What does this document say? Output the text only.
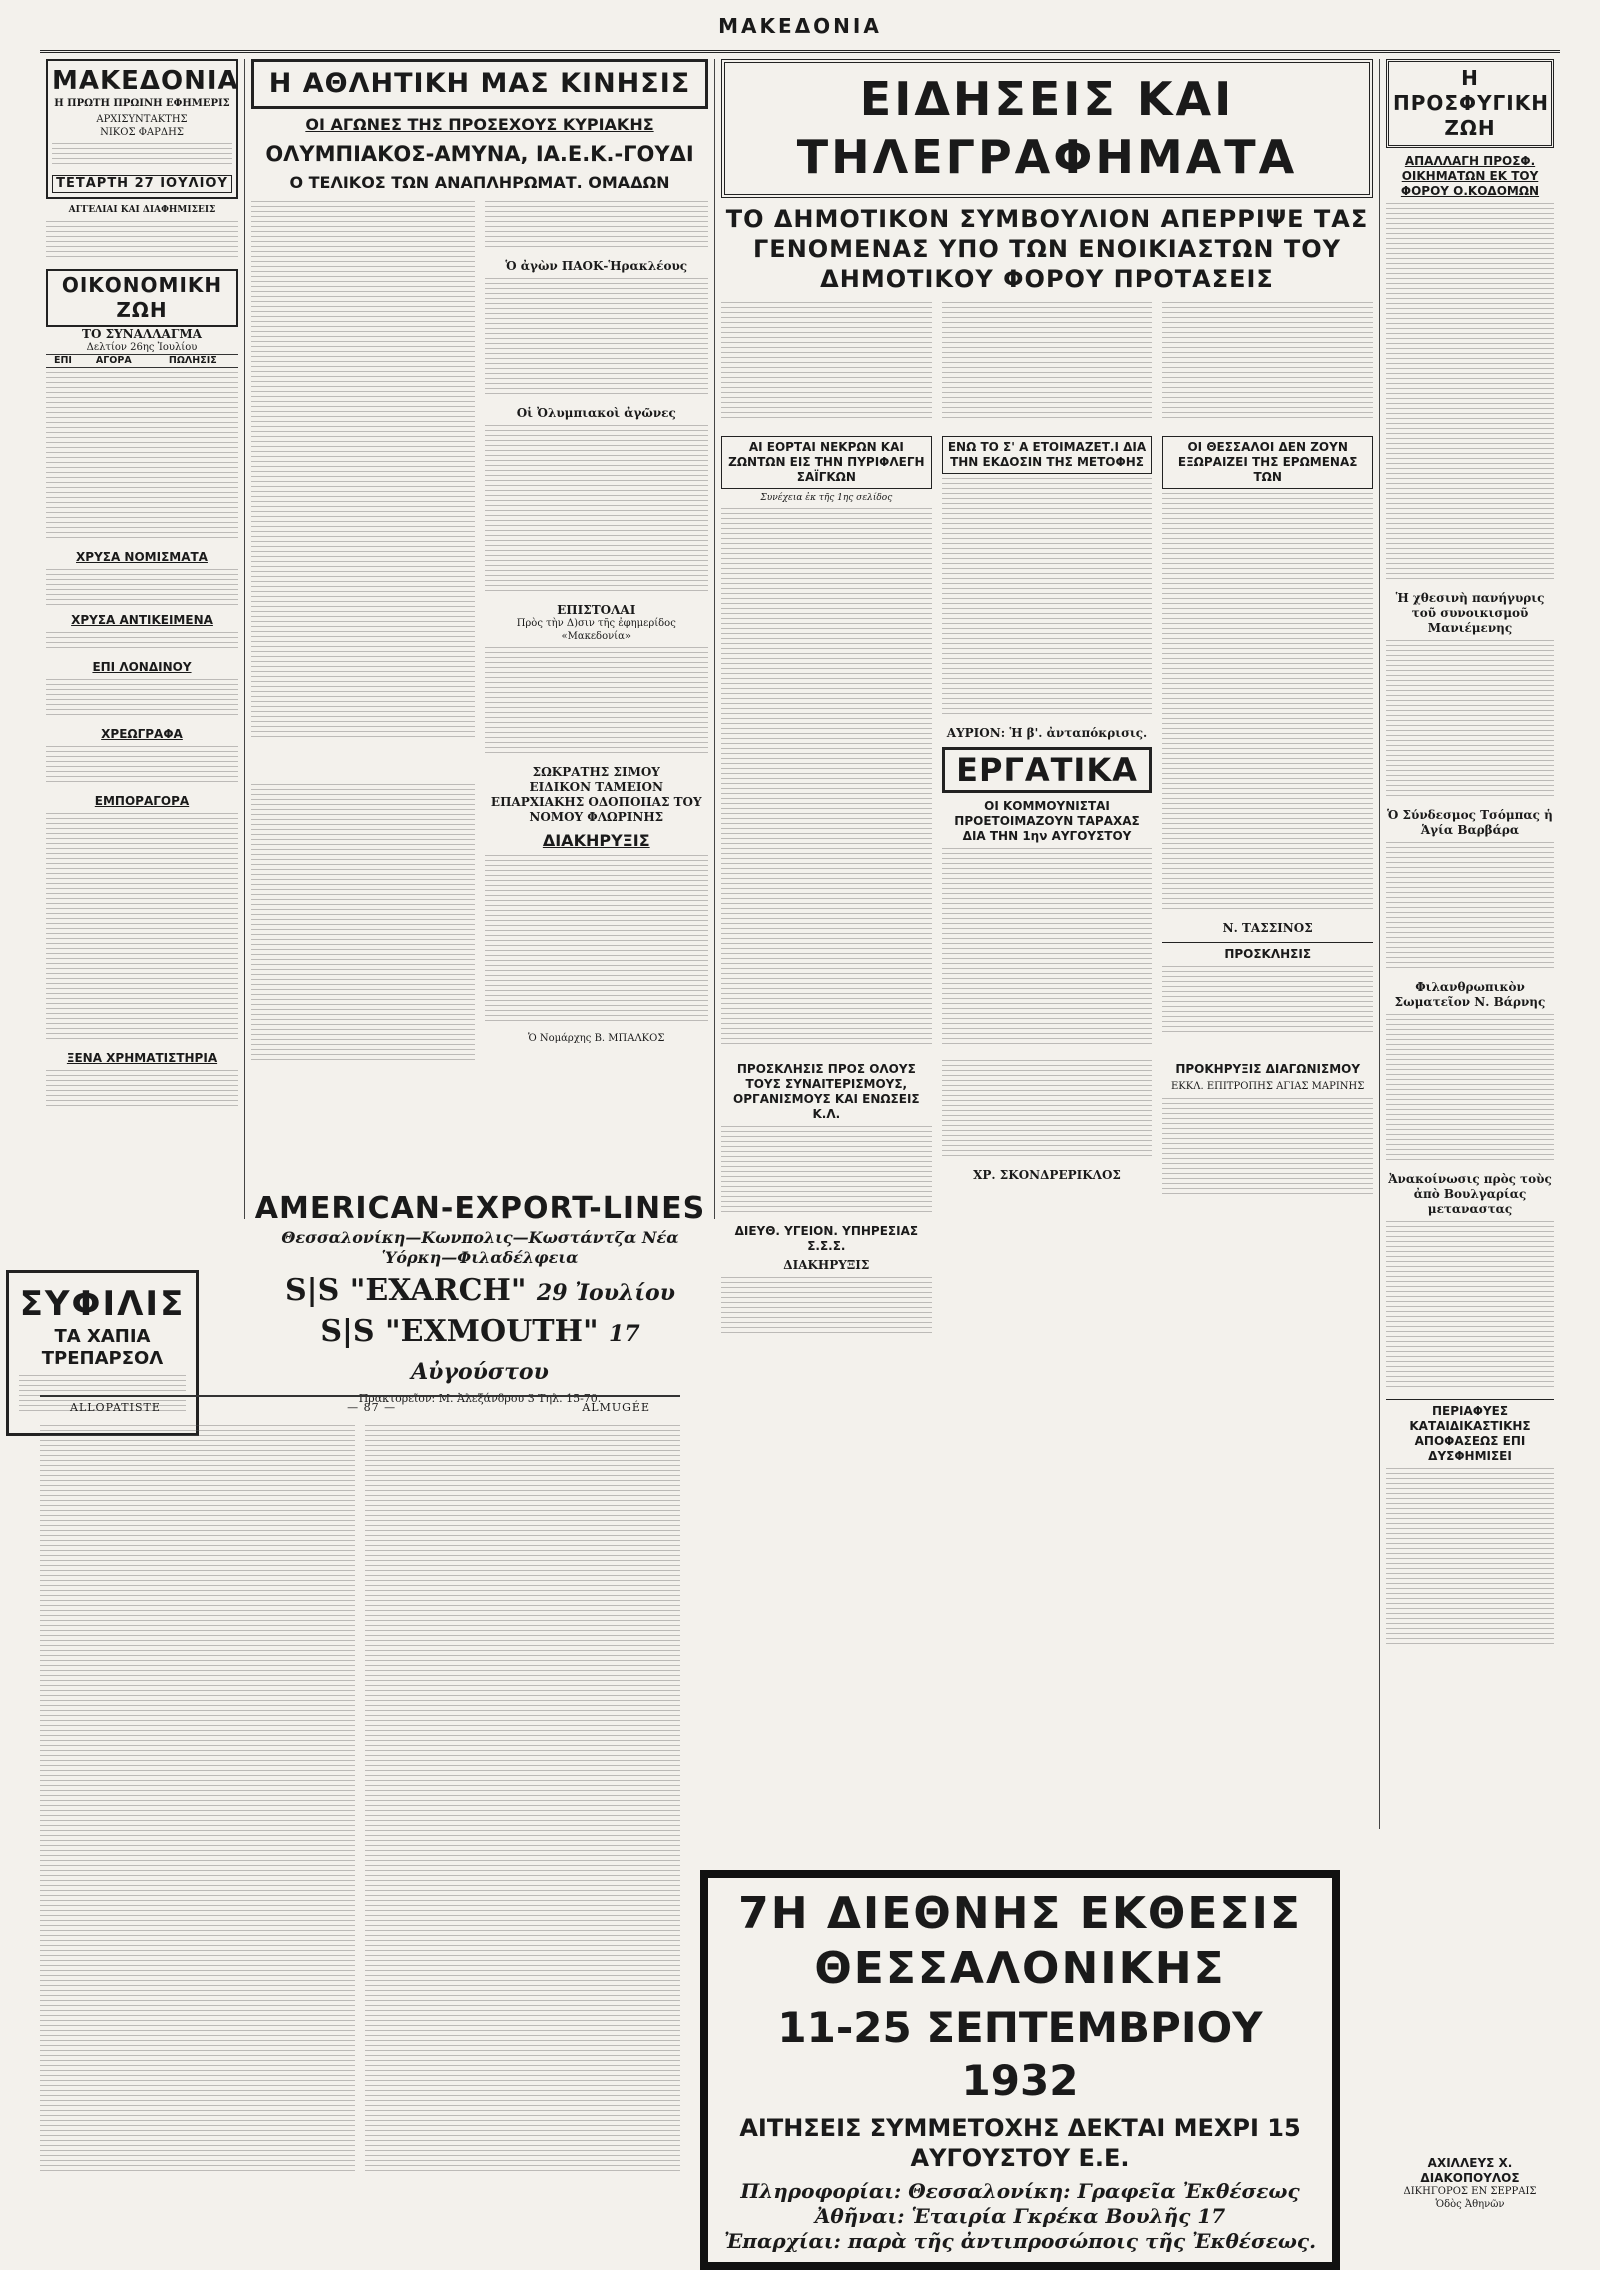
ΜΑΚΕΔΟΝΙΑ
ΜΑΚΕΔΟΝΙΑ
Η ΠΡΩΤΗ ΠΡΩΙΝΗ ΕΦΗΜΕΡΙΣ
ΑΡΧΙΣΥΝΤΑΚΤΗΣ
ΝΙΚΟΣ ΦΑΡΔΗΣ
ΤΕΤΑΡΤΗ 27 ΙΟΥΛΙΟΥ
ΑΓΓΕΛΙΑΙ ΚΑΙ ΔΙΑΦΗΜΙΣΕΙΣ
ΟΙΚΟΝΟΜΙΚΗ ΖΩΗ
ΤΟ ΣΥΝΑΛΛΑΓΜΑ
Δελτίον 26ης Ἰουλίου
ΕΠΙ	ΑΓΟΡΑ	ΠΩΛΗΣΙΣ
ΧΡΥΣΑ ΝΟΜΙΣΜΑΤΑ
ΧΡΥΣΑ ΑΝΤΙΚΕΙΜΕΝΑ
ΕΠΙ ΛΟΝΔΙΝΟΥ
ΧΡΕΩΓΡΑΦΑ
ΕΜΠΟΡΑΓΟΡΑ
ΞΕΝΑ ΧΡΗΜΑΤΙΣΤΗΡΙΑ
Η ΑΘΛΗΤΙΚΗ ΜΑΣ ΚΙΝΗΣΙΣ
ΟΙ ΑΓΩΝΕΣ ΤΗΣ ΠΡΟΣΕΧΟΥΣ ΚΥΡΙΑΚΗΣ
ΟΛΥΜΠΙΑΚΟΣ-ΑΜΥΝΑ, ΙΑ.Ε.Κ.-ΓΟΥΔΙ
Ο ΤΕΛΙΚΟΣ ΤΩΝ ΑΝΑΠΛΗΡΩΜΑΤ. ΟΜΑΔΩΝ
Ὁ ἀγὼν ΠΑΟΚ-Ἡρακλέους
Οἱ Ὀλυμπιακοὶ ἀγῶνες
ΕΠΙΣΤΟΛΑΙ
Πρὸς τὴν Δ)σιν τῆς ἐφημερίδος «Μακεδονία»
ΣΩΚΡΑΤΗΣ ΣΙΜΟΥ
ΕΙΔΙΚΟΝ ΤΑΜΕΙΟΝ ΕΠΑΡΧΙΑΚΗΣ ΟΔΟΠΟΙΙΑΣ ΤΟΥ ΝΟΜΟΥ ΦΛΩΡΙΝΗΣ
ΔΙΑΚΗΡΥΞΙΣ
Ὁ Νομάρχης Β. ΜΠΑΛΚΟΣ
ΕΙΔΗΣΕΙΣ ΚΑΙ ΤΗΛΕΓΡΑΦΗΜΑΤΑ
ΤΟ ΔΗΜΟΤΙΚΟΝ ΣΥΜΒΟΥΛΙΟΝ ΑΠΕΡΡΙΨΕ ΤΑΣ ΓΕΝΟΜΕΝΑΣ ΥΠΟ ΤΩΝ ΕΝΟΙΚΙΑΣΤΩΝ ΤΟΥ ΔΗΜΟΤΙΚΟΥ ΦΟΡΟΥ ΠΡΟΤΑΣΕΙΣ
ΑΙ ΕΟΡΤΑΙ ΝΕΚΡΩΝ ΚΑΙ ΖΩΝΤΩΝ ΕΙΣ ΤΗΝ ΠΥΡΙΦΛΕΓΗ ΣΑΪΓΚΩΝ
Συνέχεια ἐκ τῆς 1ης σελίδος
ΕΝΩ ΤΟ Σ' Α ΕΤΟΙΜΑΖΕΤ.Ι ΔΙΑ ΤΗΝ ΕΚΔΟΣΙΝ ΤΗΣ ΜΕΤΟΦΗΣ
ΑΥΡΙΟΝ: Ἡ β'. ἀνταπόκρισις.
ΕΡΓΑΤΙΚΑ
ΟΙ ΚΟΜΜΟΥΝΙΣΤΑΙ ΠΡΟΕΤΟΙΜΑΖΟΥΝ ΤΑΡΑΧΑΣ ΔΙΑ ΤΗΝ 1ην ΑΥΓΟΥΣΤΟΥ
ΟΙ ΘΕΣΣΑΛΟΙ ΔΕΝ ΖΟΥΝ ΕΞΩΡΑΙΖΕΙ ΤΗΣ ΕΡΩΜΕΝΑΣ ΤΩΝ
Ν. ΤΑΣΣΙΝΟΣ
ΠΡΟΣΚΛΗΣΙΣ
ΠΡΟΣΚΛΗΣΙΣ ΠΡΟΣ ΟΛΟΥΣ ΤΟΥΣ ΣΥΝΑΙΤΕΡΙΣΜΟΥΣ, ΟΡΓΑΝΙΣΜΟΥΣ ΚΑΙ ΕΝΩΣΕΙΣ Κ.Λ.
ΔΙΕΥΘ. ΥΓΕΙΟΝ. ΥΠΗΡΕΣΙΑΣ Σ.Σ.Σ.
ΔΙΑΚΗΡΥΞΙΣ
ΧΡ. ΣΚΟΝΔΡΕΡΙΚΛΟΣ
ΠΡΟΚΗΡΥΞΙΣ ΔΙΑΓΩΝΙΣΜΟΥ
ΕΚΚΛ. ΕΠΙΤΡΟΠΗΣ ΑΓΙΑΣ ΜΑΡΙΝΗΣ
Η ΠΡΟΣΦΥΓΙΚΗ ΖΩΗ
ΑΠΑΛΛΑΓΗ ΠΡΟΣΦ. ΟΙΚΗΜΑΤΩΝ ΕΚ ΤΟΥ ΦΟΡΟΥ Ο.ΚΟΔΟΜΩΝ
Ἡ χθεσινὴ πανήγυρις τοῦ συνοικισμοῦ Μανιέμενης
Ὁ Σύνδεσμος Τσόμπας ἡ Ἁγία Βαρβάρα
Φιλανθρωπικὸν Σωματεῖον Ν. Βάρνης
Ἀνακοίνωσις πρὸς τοὺς ἀπὸ Βουλγαρίας μεταναστας
ΠΕΡΙΑΦΥΕΣ ΚΑΤΑΙΔΙΚΑΣΤΙΚΗΣ ΑΠΟΦΑΣΕΩΣ ΕΠΙ ΔΥΣΦΗΜΙΣΕΙ
ΣΥΦΙΛΙΣ
ΤΑ ΧΑΠΙΑ ΤΡΕΠΑΡΣΟΛ
AMERICAN-EXPORT-LINES
Θεσσαλονίκη—Κωνπολις—Κωστάντζα Νέα Ὑόρκη—Φιλαδέλφεια
S|S "EXARCH" 29 Ἰουλίου
S|S "EXMOUTH" 17 Αὐγούστου
Πρακτορεῖον: Μ. Ἀλεξάνδρου 3 Τηλ. 15-70.
ALLOPATISTE	— 87 —	ALMUGÉE
7Η ΔΙΕΘΝΗΣ ΕΚΘΕΣΙΣ ΘΕΣΣΑΛΟΝΙΚΗΣ
11-25 ΣΕΠΤΕΜΒΡΙΟΥ 1932
ΑΙΤΗΣΕΙΣ ΣΥΜΜΕΤΟΧΗΣ ΔΕΚΤΑΙ ΜΕΧΡΙ 15 ΑΥΓΟΥΣΤΟΥ Ε.Ε.
Πληροφορίαι: Θεσσαλονίκη: Γραφεῖα Ἐκθέσεως
Ἀθῆναι: Ἑταιρία Γκρέκα Βουλῆς 17
Ἐπαρχίαι: παρὰ τῆς ἀντιπροσώποις τῆς Ἐκθέσεως.
ΑΧΙΛΛΕΥΣ Χ. ΔΙΑΚΟΠΟΥΛΟΣ
ΔΙΚΗΓΟΡΟΣ ΕΝ ΣΕΡΡΑΙΣ
Ὁδὸς Ἀθηνῶν
